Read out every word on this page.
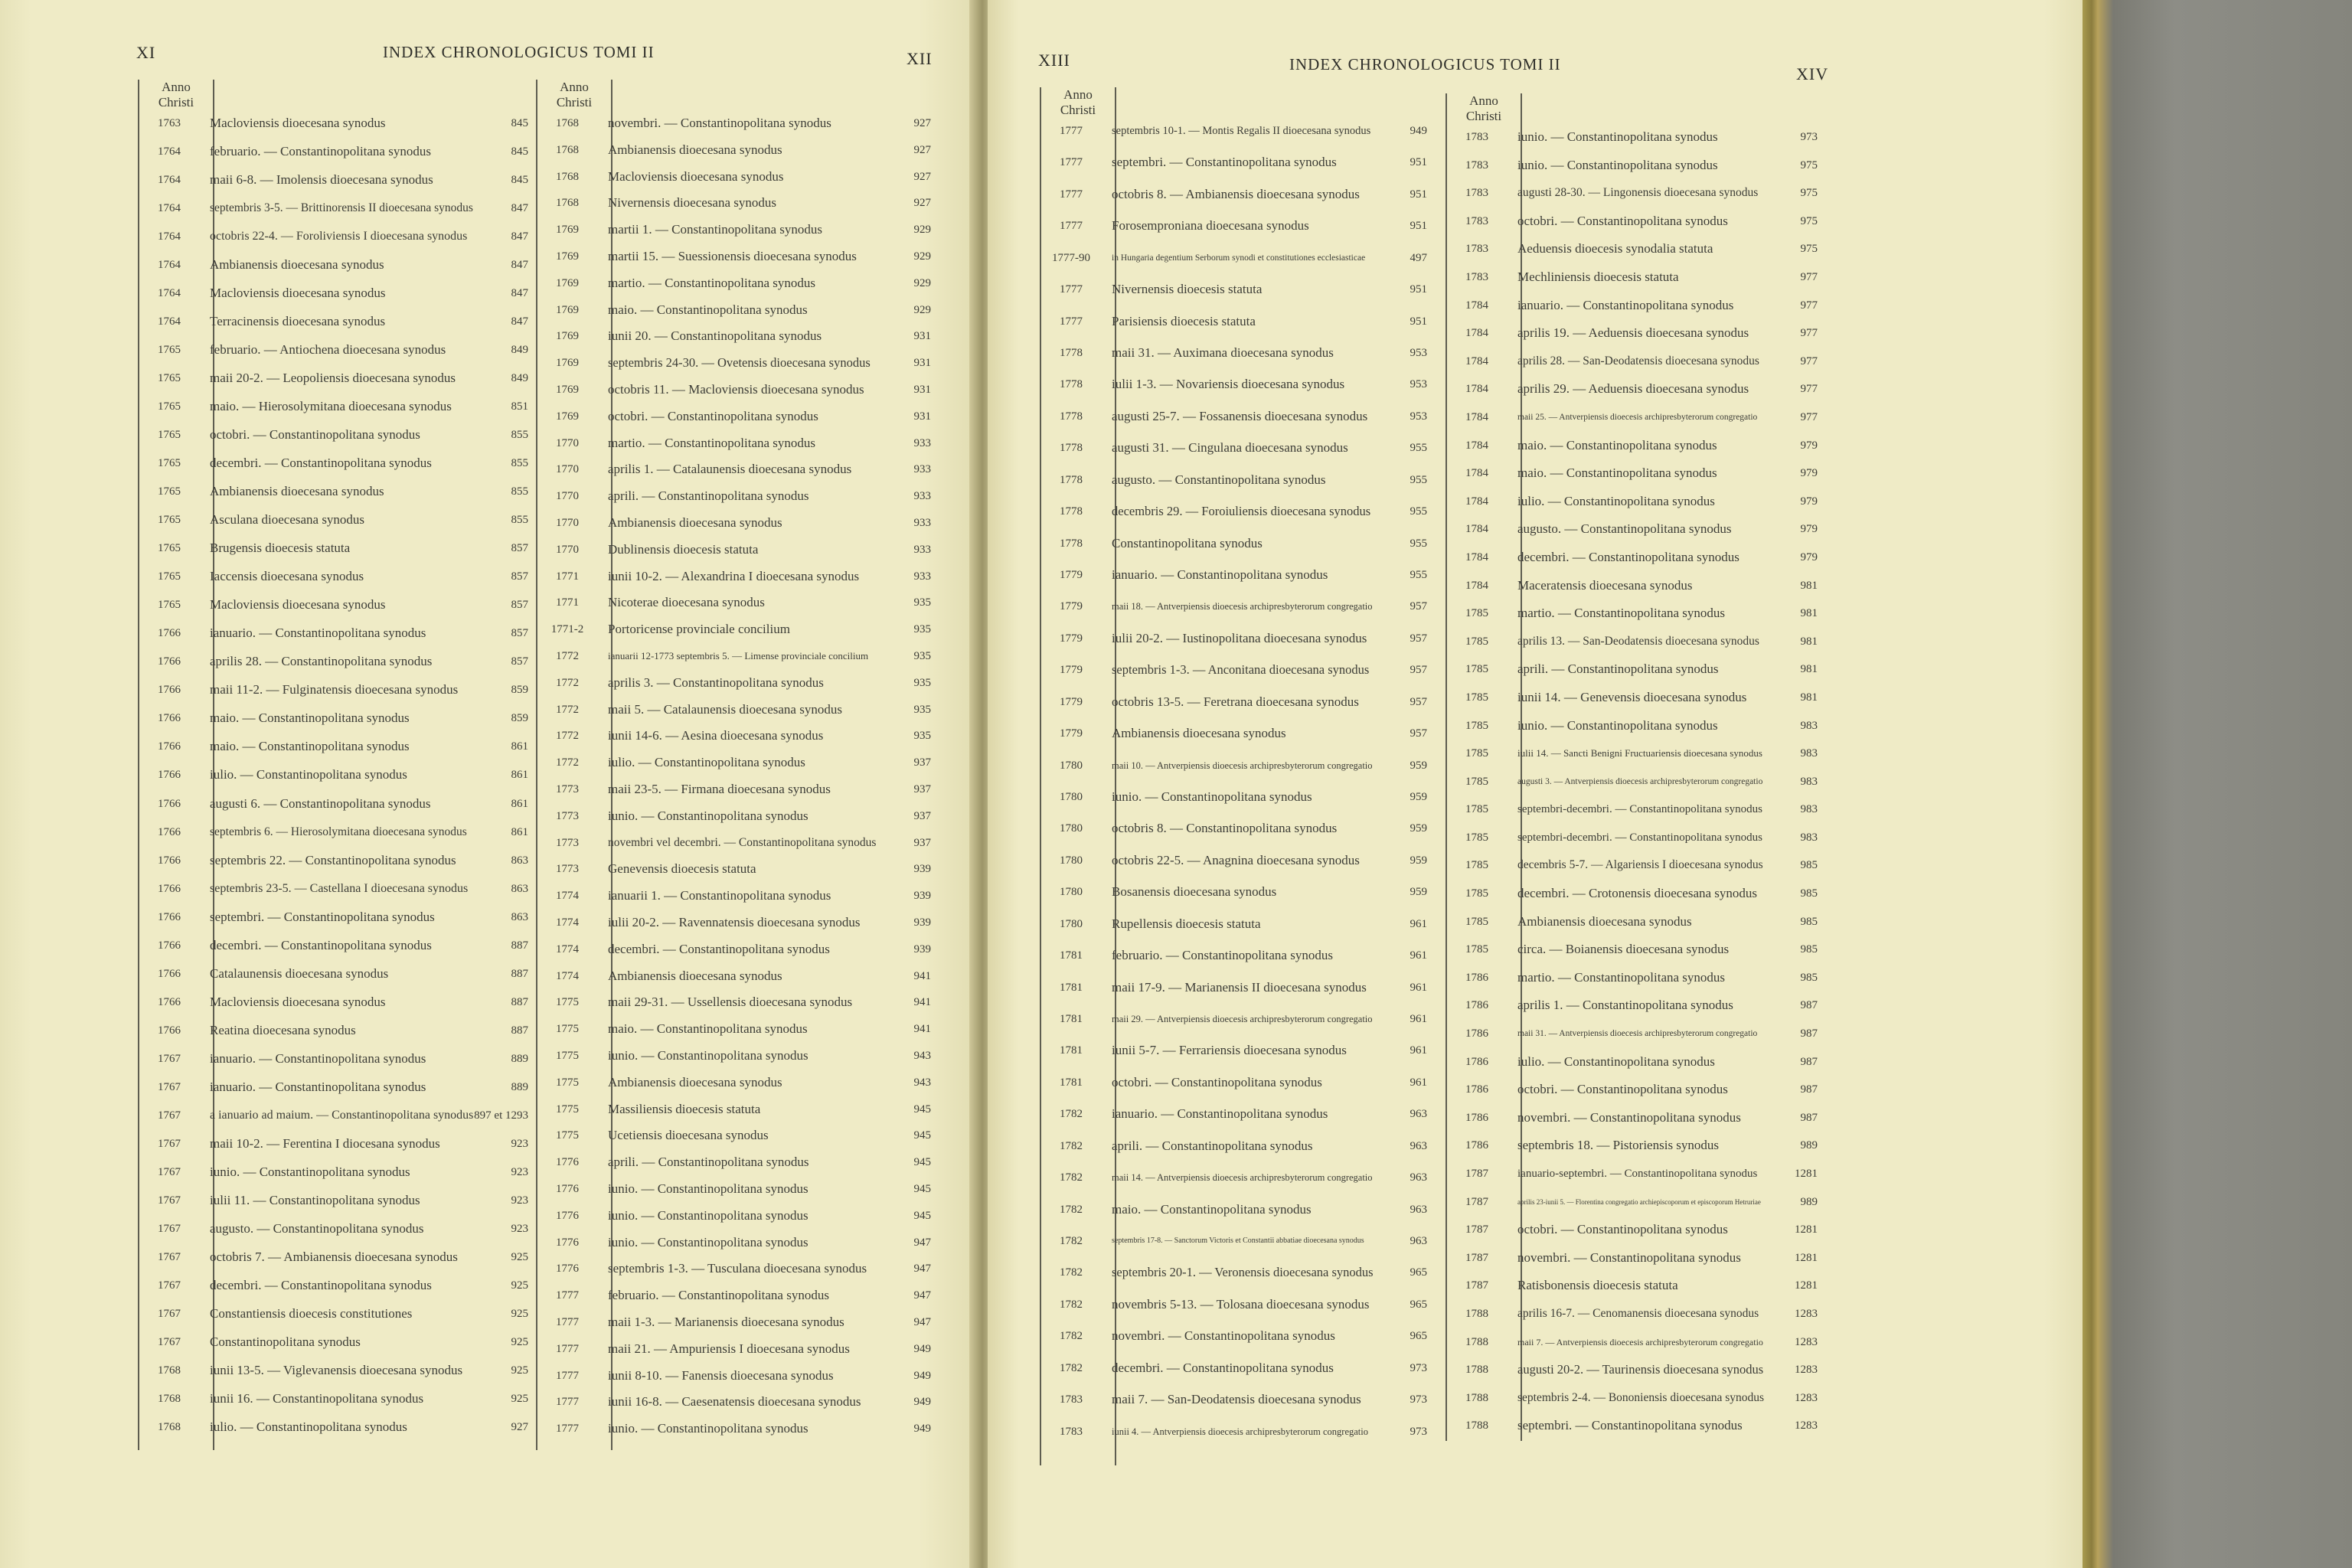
XI	INDEX CHRONOLOGICUS TOMI II	XII
Anno
Christi
Anno
Christi
1763	Macloviensis dioecesana synodus	845
1764	februario. — Constantinopolitana synodus	845
1764	maii 6-8. — Imolensis dioecesana synodus	845
1764	septembris 3-5. — Brittinorensis II dioecesana synodus	847
1764	octobris 22-4. — Foroliviensis I dioecesana synodus	847
1764	Ambianensis dioecesana synodus	847
1764	Macloviensis dioecesana synodus	847
1764	Terracinensis dioecesana synodus	847
1765	februario. — Antiochena dioecesana synodus	849
1765	maii 20-2. — Leopoliensis dioecesana synodus	849
1765	maio. — Hierosolymitana dioecesana synodus	851
1765	octobri. — Constantinopolitana synodus	855
1765	decembri. — Constantinopolitana synodus	855
1765	Ambianensis dioecesana synodus	855
1765	Asculana dioecesana synodus	855
1765	Brugensis dioecesis statuta	857
1765	Iaccensis dioecesana synodus	857
1765	Macloviensis dioecesana synodus	857
1766	ianuario. — Constantinopolitana synodus	857
1766	aprilis 28. — Constantinopolitana synodus	857
1766	maii 11-2. — Fulginatensis dioecesana synodus	859
1766	maio. — Constantinopolitana synodus	859
1766	maio. — Constantinopolitana synodus	861
1766	iulio. — Constantinopolitana synodus	861
1766	augusti 6. — Constantinopolitana synodus	861
1766	septembris 6. — Hierosolymitana dioecesana synodus	861
1766	septembris 22. — Constantinopolitana synodus	863
1766	septembris 23-5. — Castellana I dioecesana synodus	863
1766	septembri. — Constantinopolitana synodus	863
1766	decembri. — Constantinopolitana synodus	887
1766	Catalaunensis dioecesana synodus	887
1766	Macloviensis dioecesana synodus	887
1766	Reatina dioecesana synodus	887
1767	ianuario. — Constantinopolitana synodus	889
1767	ianuario. — Constantinopolitana synodus	889
1767	a ianuario ad maium. — Constantinopolitana synodus 897 et 1293
1767	maii 10-2. — Ferentina I diocesana synodus	923
1767	iunio. — Constantinopolitana synodus	923
1767	iulii 11. — Constantinopolitana synodus	923
1767	augusto. — Constantinopolitana synodus	923
1767	octobris 7. — Ambianensis dioecesana synodus	925
1767	decembri. — Constantinopolitana synodus	925
1767	Constantiensis dioecesis constitutiones	925
1767	Constantinopolitana synodus	925
1768	iunii 13-5. — Viglevanensis dioecesana synodus	925
1768	iunii 16. — Constantinopolitana synodus	925
1768	iulio. — Constantinopolitana synodus	927
1768	novembri. — Constantinopolitana synodus	927
1768	Ambianensis dioecesana synodus	927
1768	Macloviensis dioecesana synodus	927
1768	Nivernensis dioecesana synodus	927
1769	martii 1. — Constantinopolitana synodus	929
1769	martii 15. — Suessionensis dioecesana synodus	929
1769	martio. — Constantinopolitana synodus	929
1769	maio. — Constantinopolitana synodus	929
1769	iunii 20. — Constantinopolitana synodus	931
1769	septembris 24-30. — Ovetensis dioecesana synodus	931
1769	octobris 11. — Macloviensis dioecesana synodus	931
1769	octobri. — Constantinopolitana synodus	931
1770	martio. — Constantinopolitana synodus	933
1770	aprilis 1. — Catalaunensis dioecesana synodus	933
1770	aprili. — Constantinopolitana synodus	933
1770	Ambianensis dioecesana synodus	933
1770	Dublinensis dioecesis statuta	933
1771	iunii 10-2. — Alexandrina I dioecesana synodus	933
1771	Nicoterae dioecesana synodus	935
1771-2	Portoricense provinciale concilium	935
1772	ianuarii 12-1773 septembris 5. — Limense provinciale concilium	935
1772	aprilis 3. — Constantinopolitana synodus	935
1772	maii 5. — Catalaunensis dioecesana synodus	935
1772	iunii 14-6. — Aesina dioecesana synodus	935
1772	iulio. — Constantinopolitana synodus	937
1773	maii 23-5. — Firmana dioecesana synodus	937
1773	iunio. — Constantinopolitana synodus	937
1773	novembri vel decembri. — Constantinopolitana synodus	937
1773	Genevensis dioecesis statuta	939
1774	ianuarii 1. — Constantinopolitana synodus	939
1774	iulii 20-2. — Ravennatensis dioecesana synodus	939
1774	decembri. — Constantinopolitana synodus	939
1774	Ambianensis dioecesana synodus	941
1775	maii 29-31. — Ussellensis dioecesana synodus	941
1775	maio. — Constantinopolitana synodus	941
1775	iunio. — Constantinopolitana synodus	943
1775	Ambianensis dioecesana synodus	943
1775	Massiliensis dioecesis statuta	945
1775	Ucetiensis dioecesana synodus	945
1776	aprili. — Constantinopolitana synodus	945
1776	iunio. — Constantinopolitana synodus	945
1776	iunio. — Constantinopolitana synodus	945
1776	iunio. — Constantinopolitana synodus	947
1776	septembris 1-3. — Tusculana dioecesana synodus	947
1777	februario. — Constantinopolitana synodus	947
1777	maii 1-3. — Marianensis dioecesana synodus	947
1777	maii 21. — Ampuriensis I dioecesana synodus	949
1777	iunii 8-10. — Fanensis dioecesana synodus	949
1777	iunii 16-8. — Caesenatensis dioecesana synodus	949
1777	iunio. — Constantinopolitana synodus	949
XIII	INDEX CHRONOLOGICUS TOMI II	XIV
Anno
Christi
Anno
Christi
1777	septembris 10-1. — Montis Regalis II dioecesana synodus	949
1777	septembri. — Constantinopolitana synodus	951
1777	octobris 8. — Ambianensis dioecesana synodus	951
1777	Forosemproniana dioecesana synodus	951
1777-90	in Hungaria degentium Serborum synodi et constitutiones ecclesiasticae	497
1777	Nivernensis dioecesis statuta	951
1777	Parisiensis dioecesis statuta	951
1778	maii 31. — Auximana dioecesana synodus	953
1778	iulii 1-3. — Novariensis dioecesana synodus	953
1778	augusti 25-7. — Fossanensis dioecesana synodus	953
1778	augusti 31. — Cingulana dioecesana synodus	955
1778	augusto. — Constantinopolitana synodus	955
1778	decembris 29. — Foroiuliensis dioecesana synodus	955
1778	Constantinopolitana synodus	955
1779	ianuario. — Constantinopolitana synodus	955
1779	maii 18. — Antverpiensis dioecesis archipresbyterorum congregatio	957
1779	iulii 20-2. — Iustinopolitana dioecesana synodus	957
1779	septembris 1-3. — Anconitana dioecesana synodus	957
1779	octobris 13-5. — Feretrana dioecesana synodus	957
1779	Ambianensis dioecesana synodus	957
1780	maii 10. — Antverpiensis dioecesis archipresbyterorum congregatio	959
1780	iunio. — Constantinopolitana synodus	959
1780	octobris 8. — Constantinopolitana synodus	959
1780	octobris 22-5. — Anagnina dioecesana synodus	959
1780	Bosanensis dioecesana synodus	959
1780	Rupellensis dioecesis statuta	961
1781	februario. — Constantinopolitana synodus	961
1781	maii 17-9. — Marianensis II dioecesana synodus	961
1781	maii 29. — Antverpiensis dioecesis archipresbyterorum congregatio	961
1781	iunii 5-7. — Ferrariensis dioecesana synodus	961
1781	octobri. — Constantinopolitana synodus	961
1782	ianuario. — Constantinopolitana synodus	963
1782	aprili. — Constantinopolitana synodus	963
1782	maii 14. — Antverpiensis dioecesis archipresbyterorum congregatio	963
1782	maio. — Constantinopolitana synodus	963
1782	septembris 17-8. — Sanctorum Victoris et Constantii abbatiae dioecesana synodus	963
1782	septembris 20-1. — Veronensis dioecesana synodus	965
1782	novembris 5-13. — Tolosana dioecesana synodus	965
1782	novembri. — Constantinopolitana synodus	965
1782	decembri. — Constantinopolitana synodus	973
1783	maii 7. — San-Deodatensis dioecesana synodus	973
1783	iunii 4. — Antverpiensis dioecesis archipresbyterorum congregatio	973
1783	iunio. — Constantinopolitana synodus	973
1783	iunio. — Constantinopolitana synodus	975
1783	augusti 28-30. — Lingonensis dioecesana synodus	975
1783	octobri. — Constantinopolitana synodus	975
1783	Aeduensis dioecesis synodalia statuta	975
1783	Mechliniensis dioecesis statuta	977
1784	ianuario. — Constantinopolitana synodus	977
1784	aprilis 19. — Aeduensis dioecesana synodus	977
1784	aprilis 28. — San-Deodatensis dioecesana synodus	977
1784	aprilis 29. — Aeduensis dioecesana synodus	977
1784	maii 25. — Antverpiensis dioecesis archipresbyterorum congregatio	977
1784	maio. — Constantinopolitana synodus	979
1784	maio. — Constantinopolitana synodus	979
1784	iulio. — Constantinopolitana synodus	979
1784	augusto. — Constantinopolitana synodus	979
1784	decembri. — Constantinopolitana synodus	979
1784	Maceratensis dioecesana synodus	981
1785	martio. — Constantinopolitana synodus	981
1785	aprilis 13. — San-Deodatensis dioecesana synodus	981
1785	aprili. — Constantinopolitana synodus	981
1785	iunii 14. — Genevensis dioecesana synodus	981
1785	iunio. — Constantinopolitana synodus	983
1785	iulii 14. — Sancti Benigni Fructuariensis dioecesana synodus	983
1785	augusti 3. — Antverpiensis dioecesis archipresbyterorum congregatio	983
1785	septembri-decembri. — Constantinopolitana synodus	983
1785	septembri-decembri. — Constantinopolitana synodus	983
1785	decembris 5-7. — Algariensis I dioecesana synodus	985
1785	decembri. — Crotonensis dioecesana synodus	985
1785	Ambianensis dioecesana synodus	985
1785	circa. — Boianensis dioecesana synodus	985
1786	martio. — Constantinopolitana synodus	985
1786	aprilis 1. — Constantinopolitana synodus	987
1786	maii 31. — Antverpiensis dioecesis archipresbyterorum congregatio	987
1786	iulio. — Constantinopolitana synodus	987
1786	octobri. — Constantinopolitana synodus	987
1786	novembri. — Constantinopolitana synodus	987
1786	septembris 18. — Pistoriensis synodus	989
1787	ianuario-septembri. — Constantinopolitana synodus	1281
1787	aprilis 23-iunii 5. — Florentina congregatio archiepiscoporum et episcoporum Hetruriae	989
1787	octobri. — Constantinopolitana synodus	1281
1787	novembri. — Constantinopolitana synodus	1281
1787	Ratisbonensis dioecesis statuta	1281
1788	aprilis 16-7. — Cenomanensis dioecesana synodus	1283
1788	maii 7. — Antverpiensis dioecesis archipresbyterorum congregatio	1283
1788	augusti 20-2. — Taurinensis dioecesana synodus	1283
1788	septembris 2-4. — Bononiensis dioecesana synodus	1283
1788	septembri. — Constantinopolitana synodus	1283
